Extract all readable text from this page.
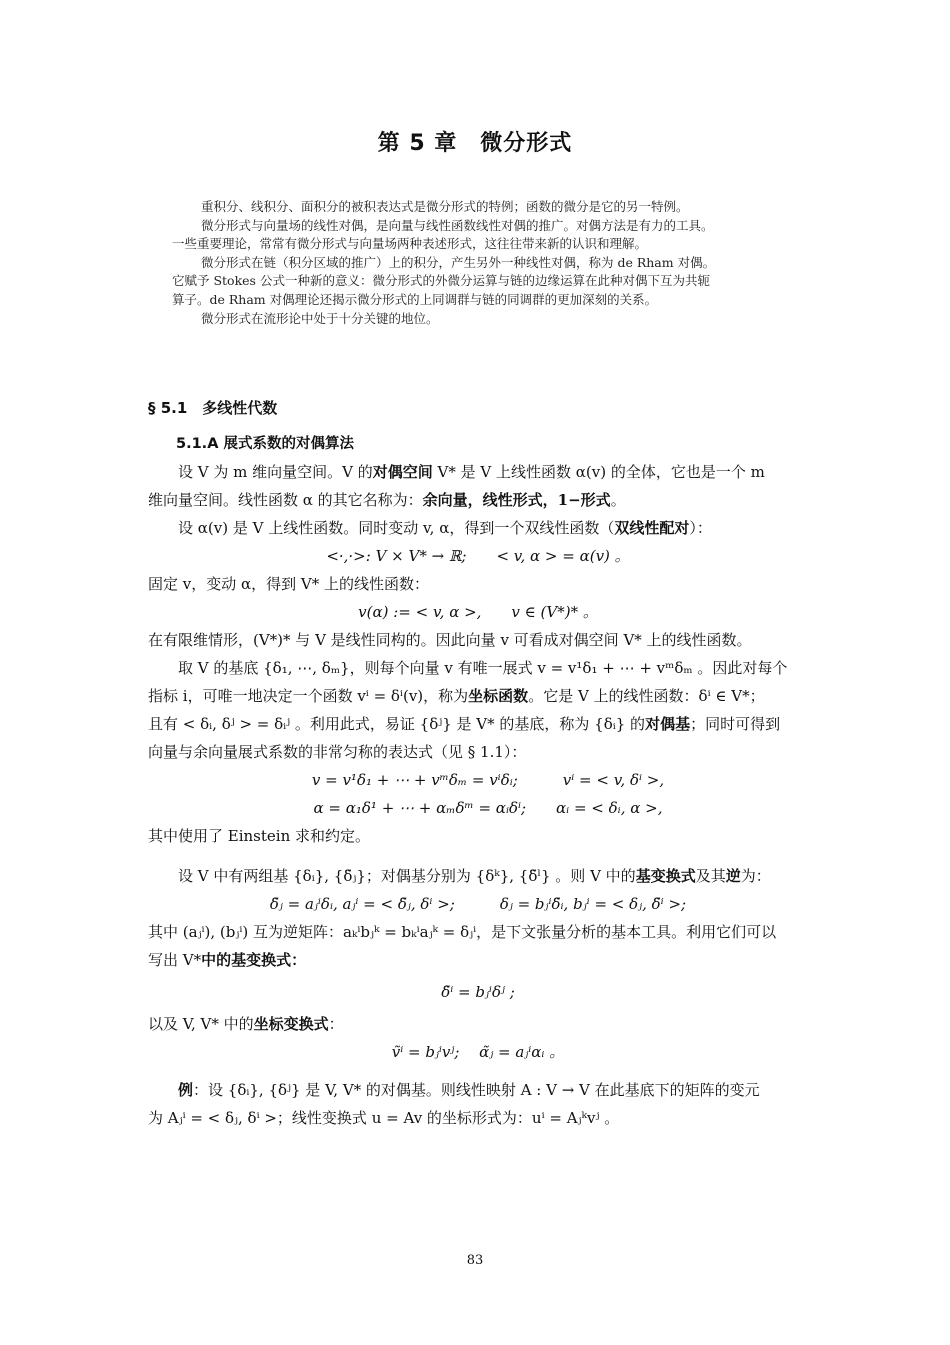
第 5 章　微分形式

重积分、线积分、面积分的被积表达式是微分形式的特例；函数的微分是它的另一特例。

微分形式与向量场的线性对偶，是向量与线性函数线性对偶的推广。对偶方法是有力的工具。

一些重要理论，常常有微分形式与向量场两种表述形式，这往往带来新的认识和理解。

微分形式在链（积分区域的推广）上的积分，产生另外一种线性对偶，称为 de Rham 对偶。

它赋予 Stokes 公式一种新的意义：微分形式的外微分运算与链的边缘运算在此种对偶下互为共轭

算子。de Rham 对偶理论还揭示微分形式的上同调群与链的同调群的更加深刻的关系。

微分形式在流形论中处于十分关键的地位。

§ 5.1　多线性代数
5.1.A 展式系数的对偶算法

设 V 为 m 维向量空间。V 的对偶空间 V* 是 V 上线性函数 α(v) 的全体，它也是一个 m

维向量空间。线性函数 α 的其它名称为：余向量，线性形式，1−形式。

设 α(v) 是 V 上线性函数。同时变动 v, α，得到一个双线性函数（双线性配对）：

<·,·>: V × V* → ℝ;　　< v, α > = α(v) 。

固定 v，变动 α，得到 V* 上的线性函数：

v(α) := < v, α >,　　v ∈ (V*)* 。

在有限维情形，(V*)* 与 V 是线性同构的。因此向量 v 可看成对偶空间 V* 上的线性函数。

取 V 的基底 {δ₁, ⋯, δₘ}，则每个向量 v 有唯一展式 v = v¹δ₁ + ⋯ + vᵐδₘ 。因此对每个

指标 i，可唯一地决定一个函数 vⁱ = δⁱ(v)，称为坐标函数。它是 V 上的线性函数：δⁱ ∈ V*；

且有 < δᵢ, δʲ > = δᵢʲ 。利用此式，易证 {δʲ} 是 V* 的基底，称为 {δᵢ} 的对偶基；同时可得到

向量与余向量展式系数的非常匀称的表达式（见 § 1.1）：

v = v¹δ₁ + ⋯ + vᵐδₘ = vⁱδᵢ;　　　vⁱ = < v, δⁱ >,

α = α₁δ¹ + ⋯ + αₘδᵐ = αᵢδⁱ;　　αᵢ = < δᵢ, α >,

其中使用了 Einstein 求和约定。

设 V 中有两组基 {δᵢ}, {δ̃ⱼ}；对偶基分别为 {δᵏ}, {δ̃ˡ} 。则 V 中的基变换式及其逆为：

δ̃ⱼ = aⱼⁱδᵢ, aⱼⁱ = < δ̃ⱼ, δⁱ >;　　　δⱼ = bⱼⁱδ̃ᵢ, bⱼⁱ = < δⱼ, δ̃ⁱ >;

其中 (aⱼⁱ), (bⱼⁱ) 互为逆矩阵：aₖⁱbⱼᵏ = bₖⁱaⱼᵏ = δⱼⁱ，是下文张量分析的基本工具。利用它们可以

写出 V*中的基变换式：

δ̃ⁱ = bⱼⁱδʲ ;

以及 V, V* 中的坐标变换式：

ṽⁱ = bⱼⁱvʲ;　 α̃ⱼ = aⱼⁱαᵢ 。

例：设 {δᵢ}, {δʲ} 是 V, V* 的对偶基。则线性映射 A : V → V 在此基底下的矩阵的变元

为 Aⱼⁱ = < δⱼ, δⁱ >；线性变换式 u = Av 的坐标形式为：uⁱ = Aⱼᵏvʲ 。

83
